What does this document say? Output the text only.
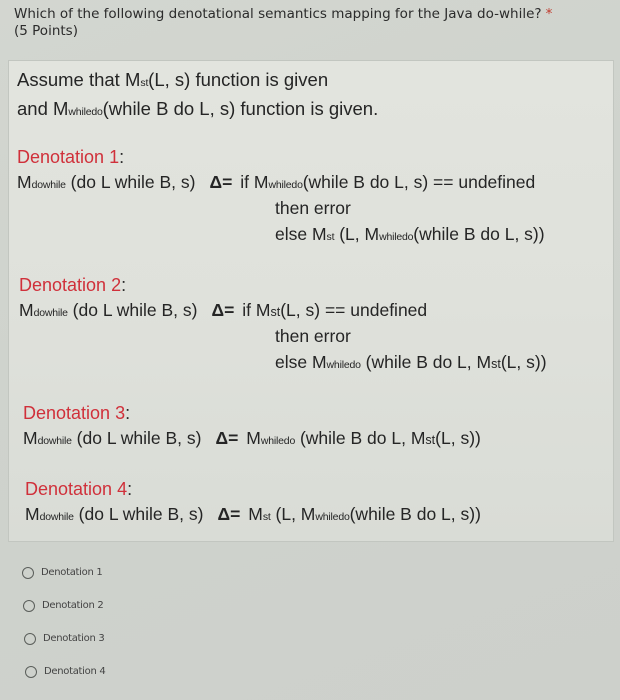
Which of the following denotational semantics mapping for the Java do-while? *
(5 Points)
Assume that Mst(L, s) function is given
and Mwhiledo(while B do L, s) function is given.
Denotation 1:
Mdowhile (do L while B, s) Δ= if Mwhiledo(while B do L, s) == undefined
then error
else Mst (L, Mwhiledo(while B do L, s))
Denotation 2:
Mdowhile (do L while B, s) Δ= if Mst(L, s) == undefined
then error
else Mwhiledo (while B do L, Mst(L, s))
Denotation 3:
Mdowhile (do L while B, s) Δ= Mwhiledo (while B do L, Mst(L, s))
Denotation 4:
Mdowhile (do L while B, s) Δ= Mst (L, Mwhiledo(while B do L, s))
Denotation 1
Denotation 2
Denotation 3
Denotation 4
